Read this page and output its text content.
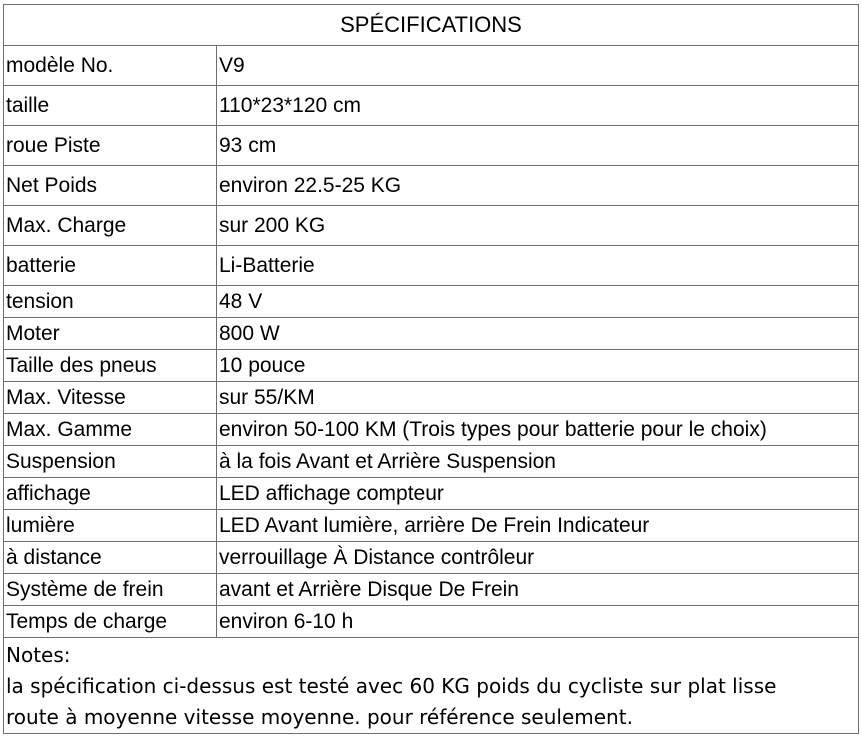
SPÉCIFICATIONS	
modèle No.	V9
taille	110*23*120 cm
roue Piste	93 cm
Net Poids	environ 22.5-25 KG
Max. Charge	sur 200 KG
batterie	Li-Batterie
tension	48 V
Moter	800 W
Taille des pneus	10 pouce
Max. Vitesse	sur 55/KM
Max. Gamme	environ 50-100 KM (Trois types pour batterie pour le choix)
Suspension	à la fois Avant et Arrière Suspension
affichage	LED affichage compteur
lumière	LED Avant lumière, arrière De Frein Indicateur
à distance	verrouillage À Distance contrôleur
Système de frein	avant et Arrière Disque De Frein
Temps de charge	environ 6-10 h

Notes:
la spécification ci-dessus est testé avec 60 KG poids du cycliste sur plat lisse
route à moyenne vitesse moyenne. pour référence seulement.	
